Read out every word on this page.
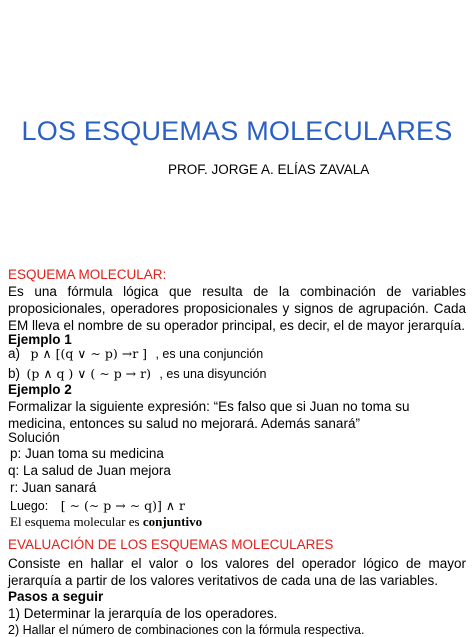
LOS ESQUEMAS MOLECULARES
PROF. JORGE A. ELÍAS ZAVALA
ESQUEMA MOLECULAR:
Es una fórmula lógica que resulta de la combinación de variables proposicionales, operadores proposicionales y signos de agrupación. Cada EM lleva el nombre de su operador principal, es decir, el de mayor jerarquía.
Ejemplo 1
a) p ∧ [(q ∨ ∼ p) →r ] , es una conjunción
b) (p ∧ q ) ∨ ( ∼ p → r) , es una disyunción
Ejemplo 2
Formalizar la siguiente expresión: “Es falso que si Juan no toma su medicina, entonces su salud no mejorará. Además sanará”
Solución
p: Juan toma su medicina
q: La salud de Juan mejora
r: Juan sanará
Luego: [ ∼ (∼ p → ∼ q)] ∧ r
El esquema molecular es conjuntivo
EVALUACIÓN DE LOS ESQUEMAS MOLECULARES
Consiste en hallar el valor o los valores del operador lógico de mayor jerarquía a partir de los valores veritativos de cada una de las variables.
Pasos a seguir
1) Determinar la jerarquía de los operadores.
2) Hallar el número de combinaciones con la fórmula respectiva.
